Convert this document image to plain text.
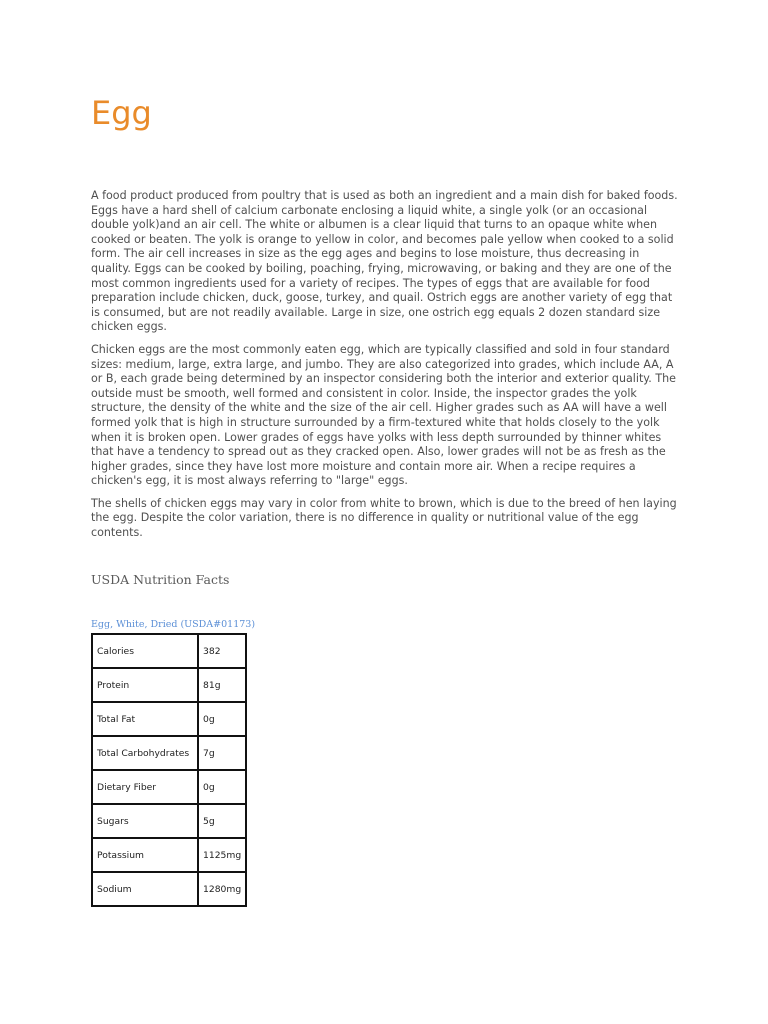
Egg

A food product produced from poultry that is used as both an ingredient and a main dish for baked foods. Eggs have a hard shell of calcium carbonate enclosing a liquid white, a single yolk (or an occasional double yolk)and an air cell. The white or albumen is a clear liquid that turns to an opaque white when cooked or beaten. The yolk is orange to yellow in color, and becomes pale yellow when cooked to a solid form. The air cell increases in size as the egg ages and begins to lose moisture, thus decreasing in quality. Eggs can be cooked by boiling, poaching, frying, microwaving, or baking and they are one of the most common ingredients used for a variety of recipes. The types of eggs that are available for food preparation include chicken, duck, goose, turkey, and quail. Ostrich eggs are another variety of egg that is consumed, but are not readily available. Large in size, one ostrich egg equals 2 dozen standard size chicken eggs.

Chicken eggs are the most commonly eaten egg, which are typically classified and sold in four standard sizes: medium, large, extra large, and jumbo. They are also categorized into grades, which include AA, A or B, each grade being determined by an inspector considering both the interior and exterior quality. The outside must be smooth, well formed and consistent in color. Inside, the inspector grades the yolk structure, the density of the white and the size of the air cell. Higher grades such as AA will have a well formed yolk that is high in structure surrounded by a firm-textured white that holds closely to the yolk when it is broken open. Lower grades of eggs have yolks with less depth surrounded by thinner whites that have a tendency to spread out as they cracked open. Also, lower grades will not be as fresh as the higher grades, since they have lost more moisture and contain more air. When a recipe requires a chicken's egg, it is most always referring to "large" eggs.

The shells of chicken eggs may vary in color from white to brown, which is due to the breed of hen laying the egg. Despite the color variation, there is no difference in quality or nutritional value of the egg contents.

USDA Nutrition Facts
Egg, White, Dried (USDA#01173)
Calories	382
Protein	81g
Total Fat	0g
Total Carbohydrates	7g
Dietary Fiber	0g
Sugars	5g
Potassium	1125mg
Sodium	1280mg
